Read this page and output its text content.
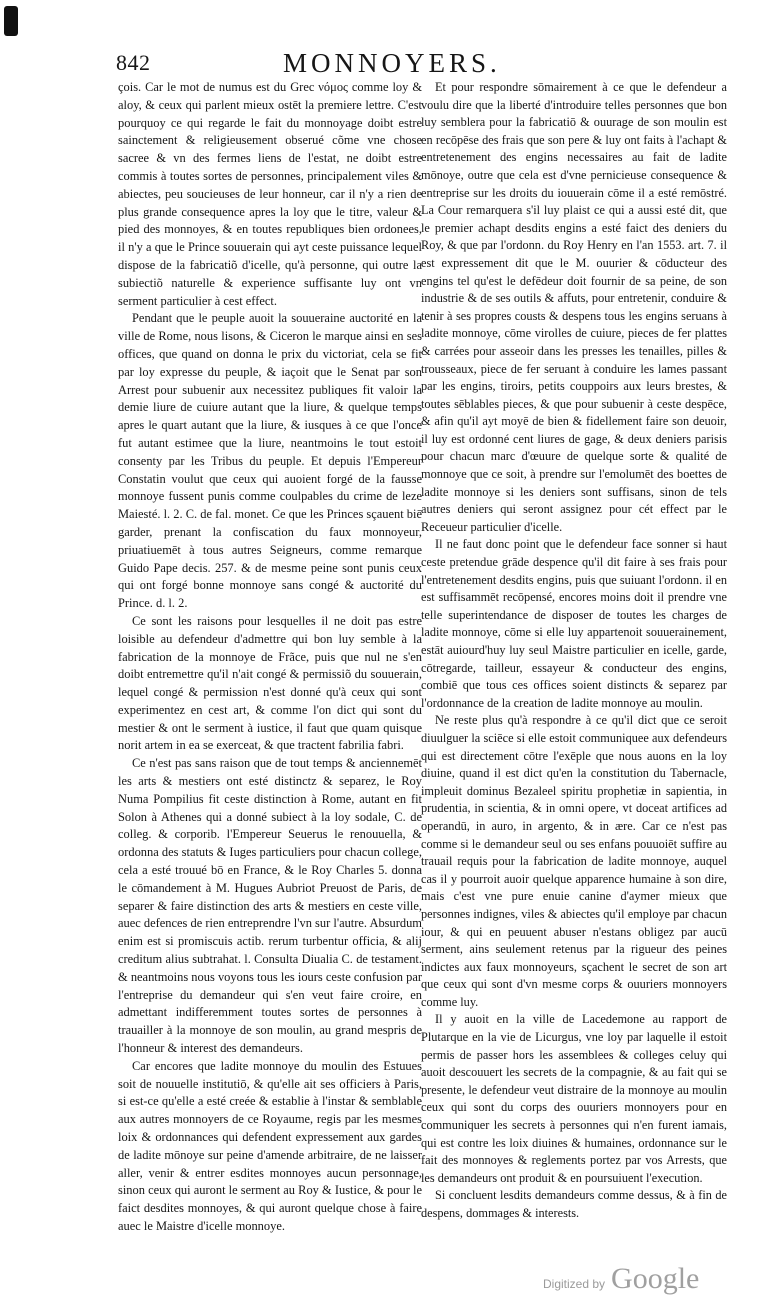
842	MONNOYERS.

çois. Car le mot de numus est du Grec νόμος comme loy & aloy, & ceux qui parlent mieux ostēt la premiere lettre. C'est pourquoy ce qui regarde le fait du monnoyage doibt estre sainctement & religieusement obserué cõme vne chose sacree & vn des fermes liens de l'estat, ne doibt estre commis à toutes sortes de personnes, principalement viles & abiectes, peu soucieuses de leur honneur, car il n'y a rien de plus grande consequence apres la loy que le titre, valeur & pied des monnoyes, & en toutes republiques bien ordonees, il n'y a que le Prince souuerain qui ayt ceste puissance lequel dispose de la fabricatiõ d'icelle, qu'à personne, qui outre la subiectiõ naturelle & experience suffisante luy ont vn serment particulier à cest effect.

Pendant que le peuple auoit la souueraine auctorité en la ville de Rome, nous lisons, & Ciceron le marque ainsi en ses offices, que quand on donna le prix du victoriat, cela se fit par loy expresse du peuple, & iaçoit que le Senat par son Arrest pour subuenir aux necessitez publiques fit valoir la demie liure de cuiure autant que la liure, & quelque temps apres le quart autant que la liure, & iusques à ce que l'once fut autant estimee que la liure, neantmoins le tout estoit consenty par les Tribus du peuple. Et depuis l'Empereur Constatin voulut que ceux qui auoient forgé de la fausse monnoye fussent punis comme coulpables du crime de leze Maiesté. l. 2. C. de fal. monet. Ce que les Princes sçauent biē garder, prenant la confiscation du faux monnoyeur, priuatiuemēt à tous autres Seigneurs, comme remarque Guido Pape decis. 257. & de mesme peine sont punis ceux qui ont forgé bonne monnoye sans congé & auctorité du Prince. d. l. 2.

Ce sont les raisons pour lesquelles il ne doit pas estre loisible au defendeur d'admettre qui bon luy semble à la fabrication de la monnoye de Frãce, puis que nul ne s'en doibt entremettre qu'il n'ait congé & permissiõ du souuerain, lequel congé & permission n'est donné qu'à ceux qui sont experimentez en cest art, & comme l'on dict qui sont du mestier & ont le serment à iustice, il faut que quam quisque norit artem in ea se exerceat, & que tractent fabrilia fabri.

Ce n'est pas sans raison que de tout temps & anciennemēt les arts & mestiers ont esté distinctz & separez, le Roy Numa Pompilius fit ceste distinction à Rome, autant en fit Solon à Athenes qui a donné subiect à la loy sodale, C. de colleg. & corporib. l'Empereur Seuerus le renouuella, & ordonna des statuts & Iuges particuliers pour chacun college, cela a esté trouué bō en France, & le Roy Charles 5. donna le cōmandement à M. Hugues Aubriot Preuost de Paris, de separer & faire distinction des arts & mestiers en ceste ville, auec defences de rien entreprendre l'vn sur l'autre. Absurdum enim est si promiscuis actib. rerum turbentur officia, & alij creditum alius subtrahat. l. Consulta Diualia C. de testament. & neantmoins nous voyons tous les iours ceste confusion par l'entreprise du demandeur qui s'en veut faire croire, en admettant indifferemment toutes sortes de personnes à trauailler à la monnoye de son moulin, au grand mespris de l'honneur & interest des demandeurs.

Car encores que ladite monnoye du moulin des Estuues soit de nouuelle institutiō, & qu'elle ait ses officiers à Paris, si est-ce qu'elle a esté creée & establie à l'instar & semblable aux autres monnoyers de ce Royaume, regis par les mesmes loix & ordonnances qui defendent expressement aux gardes de ladite mōnoye sur peine d'amende arbitraire, de ne laisser aller, venir & entrer esdites monnoyes aucun personnage, sinon ceux qui auront le serment au Roy & Iustice, & pour le faict desdites monnoyes, & qui auront quelque chose à faire auec le Maistre d'icelle monnoye.

Et pour respondre sōmairement à ce que le defendeur a voulu dire que la liberté d'introduire telles personnes que bon luy semblera pour la fabricatiō & ouurage de son moulin est en recōpēse des frais que son pere & luy ont faits à l'achapt & entretenement des engins necessaires au fait de ladite mōnoye, outre que cela est d'vne pernicieuse consequence & entreprise sur les droits du iouuerain cōme il a esté remōstré. La Cour remarquera s'il luy plaist ce qui a aussi esté dit, que le premier achapt desdits engins a esté faict des deniers du Roy, & que par l'ordonn. du Roy Henry en l'an 1553. art. 7. il est expressement dit que le M. ouurier & cōducteur des engins tel qu'est le defēdeur doit fournir de sa peine, de son industrie & de ses outils & affuts, pour entretenir, conduire & tenir à ses propres cousts & despens tous les engins seruans à ladite monnoye, cōme virolles de cuiure, pieces de fer plattes & carrées pour asseoir dans les presses les tenailles, pilles & trousseaux, piece de fer seruant à conduire les lames passant par les engins, tiroirs, petits couppoirs aux leurs brestes, & toutes sēblables pieces, & que pour subuenir à ceste despēce, & afin qu'il ayt moyē de bien & fidellement faire son deuoir, il luy est ordonné cent liures de gage, & deux deniers parisis pour chacun marc d'œuure de quelque sorte & qualité de monnoye que ce soit, à prendre sur l'emolumēt des boettes de ladite monnoye si les deniers sont suffisans, sinon de tels autres deniers qui seront assignez pour cét effect par le Receueur particulier d'icelle.

Il ne faut donc point que le defendeur face sonner si haut ceste pretendue grāde despence qu'il dit faire à ses frais pour l'entretenement desdits engins, puis que suiuant l'ordonn. il en est suffisammēt recōpensé, encores moins doit il prendre vne telle superintendance de disposer de toutes les charges de ladite monnoye, cōme si elle luy appartenoit souuerainement, estāt auiourd'huy luy seul Maistre particulier en icelle, garde, cōtregarde, tailleur, essayeur & conducteur des engins, combiē que tous ces offices soient distincts & separez par l'ordonnance de la creation de ladite monnoye au moulin.

Ne reste plus qu'à respondre à ce qu'il dict que ce seroit diuulguer la sciēce si elle estoit communiquee aux defendeurs qui est directement cōtre l'exēple que nous auons en la loy diuine, quand il est dict qu'en la constitution du Tabernacle, impleuit dominus Bezaleel spiritu prophetiæ in sapientia, in prudentia, in scientia, & in omni opere, vt doceat artifices ad operandū, in auro, in argento, & in ære. Car ce n'est pas comme si le demandeur seul ou ses enfans pouuoiēt suffire au trauail requis pour la fabrication de ladite monnoye, auquel cas il y pourroit auoir quelque apparence humaine à son dire, mais c'est vne pure enuie canine d'aymer mieux que personnes indignes, viles & abiectes qu'il employe par chacun iour, & qui en peuuent abuser n'estans obligez par aucū serment, ains seulement retenus par la rigueur des peines indictes aux faux monnoyeurs, sçachent le secret de son art que ceux qui sont d'vn mesme corps & ouuriers monnoyers comme luy.

Il y auoit en la ville de Lacedemone au rapport de Plutarque en la vie de Licurgus, vne loy par laquelle il estoit permis de passer hors les assemblees & colleges celuy qui auoit descouuert les secrets de la compagnie, & au fait qui se presente, le defendeur veut distraire de la monnoye au moulin ceux qui sont du corps des ouuriers monnoyers pour en communiquer les secrets à personnes qui n'en furent iamais, qui est contre les loix diuines & humaines, ordonnance sur le fait des monnoyes & reglements portez par vos Arrests, que les demandeurs ont produit & en poursuiuent l'execution.

Si concluent lesdits demandeurs comme dessus, & à fin de despens, dommages & interests.

Digitized by Google
